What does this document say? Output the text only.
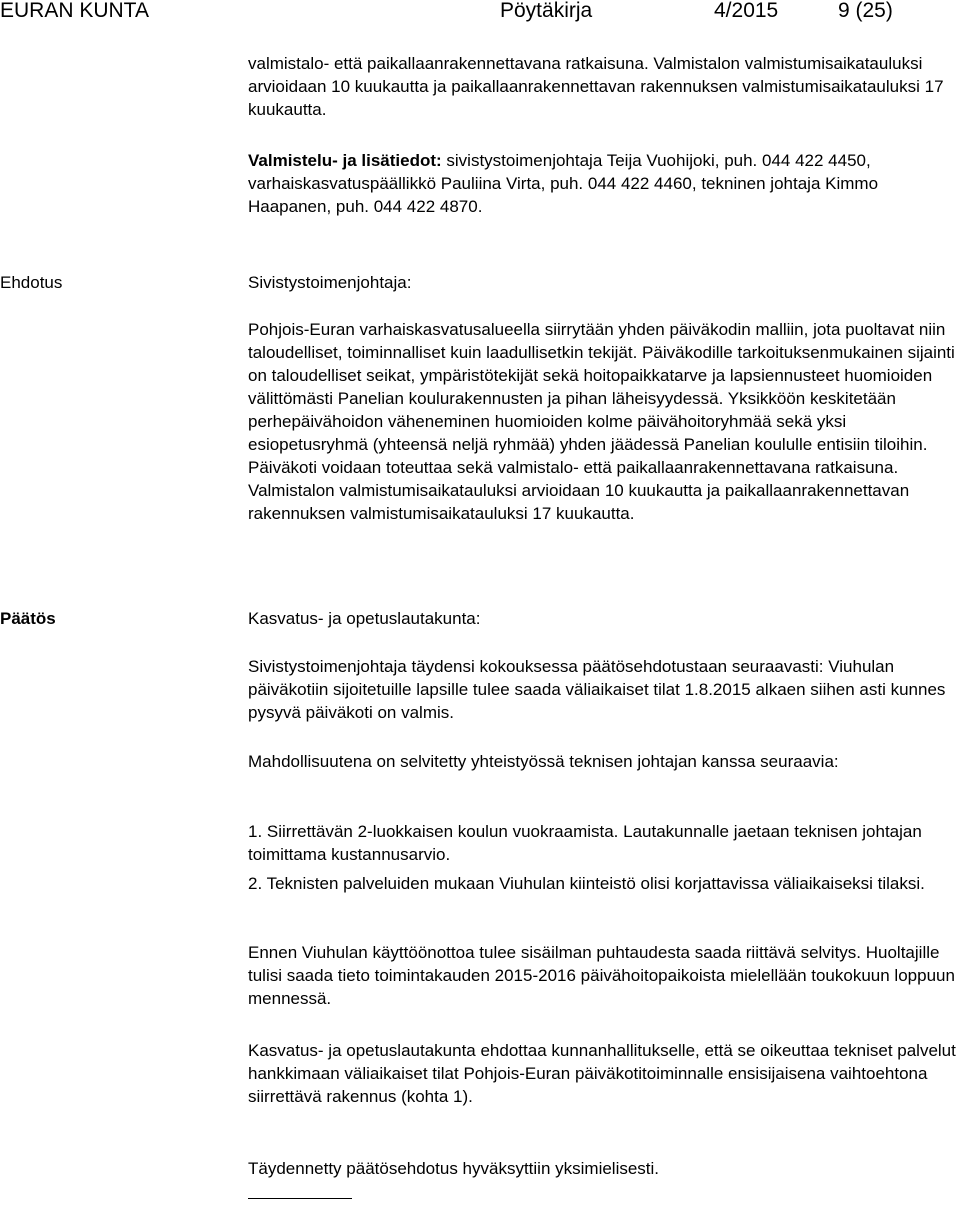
EURAN KUNTA	Pöytäkirja	4/2015	9 (25)

valmistalo- että paikallaanrakennettavana ratkaisuna. Valmistalon valmistumisaikatauluksi arvioidaan 10 kuukautta ja paikallaanrakennettavan rakennuksen valmistumisaikatauluksi 17 kuukautta.

Valmistelu- ja lisätiedot: sivistystoimenjohtaja Teija Vuohijoki, puh. 044 422 4450, varhaiskasvatuspäällikkö Pauliina Virta, puh. 044 422 4460, tekninen johtaja Kimmo Haapanen, puh. 044 422 4870.

Ehdotus	Sivistystoimenjohtaja:

Pohjois-Euran varhaiskasvatusalueella siirrytään yhden päiväkodin malliin, jota puoltavat niin taloudelliset, toiminnalliset kuin laadullisetkin tekijät. Päiväkodille tarkoituksenmukainen sijainti on taloudelliset seikat, ympäristötekijät sekä hoitopaikkatarve ja lapsiennusteet huomioiden välittömästi Panelian koulurakennusten ja pihan läheisyydessä. Yksikköön keskitetään perhepäivähoidon väheneminen huomioiden kolme päivähoitoryhmää sekä yksi esiopetusryhmä (yhteensä neljä ryhmää) yhden jäädessä Panelian koululle entisiin tiloihin. Päiväkoti voidaan toteuttaa sekä valmistalo- että paikallaanrakennettavana ratkaisuna. Valmistalon valmistumisaikatauluksi arvioidaan 10 kuukautta ja paikallaanrakennettavan rakennuksen valmistumisaikatauluksi 17 kuukautta.

Päätös	Kasvatus- ja opetuslautakunta:

Sivistystoimenjohtaja täydensi kokouksessa päätösehdotustaan seuraavasti: Viuhulan päiväkotiin sijoitetuille lapsille tulee saada väliaikaiset tilat 1.8.2015 alkaen siihen asti kunnes pysyvä päiväkoti on valmis.

Mahdollisuutena on selvitetty yhteistyössä teknisen johtajan kanssa seuraavia:

1. Siirrettävän 2-luokkaisen koulun vuokraamista. Lautakunnalle jaetaan teknisen johtajan toimittama kustannusarvio.

2. Teknisten palveluiden mukaan Viuhulan kiinteistö olisi korjattavissa väliaikaiseksi tilaksi.

Ennen Viuhulan käyttöönottoa tulee sisäilman puhtaudesta saada riittävä selvitys. Huoltajille tulisi saada tieto toimintakauden 2015-2016 päivähoitopaikoista mielellään toukokuun loppuun mennessä.

Kasvatus- ja opetuslautakunta ehdottaa kunnanhallitukselle, että se oikeuttaa tekniset palvelut hankkimaan väliaikaiset tilat Pohjois-Euran päiväkotitoiminnalle ensisijaisena vaihtoehtona siirrettävä rakennus (kohta 1).

Täydennetty päätösehdotus hyväksyttiin yksimielisesti.
